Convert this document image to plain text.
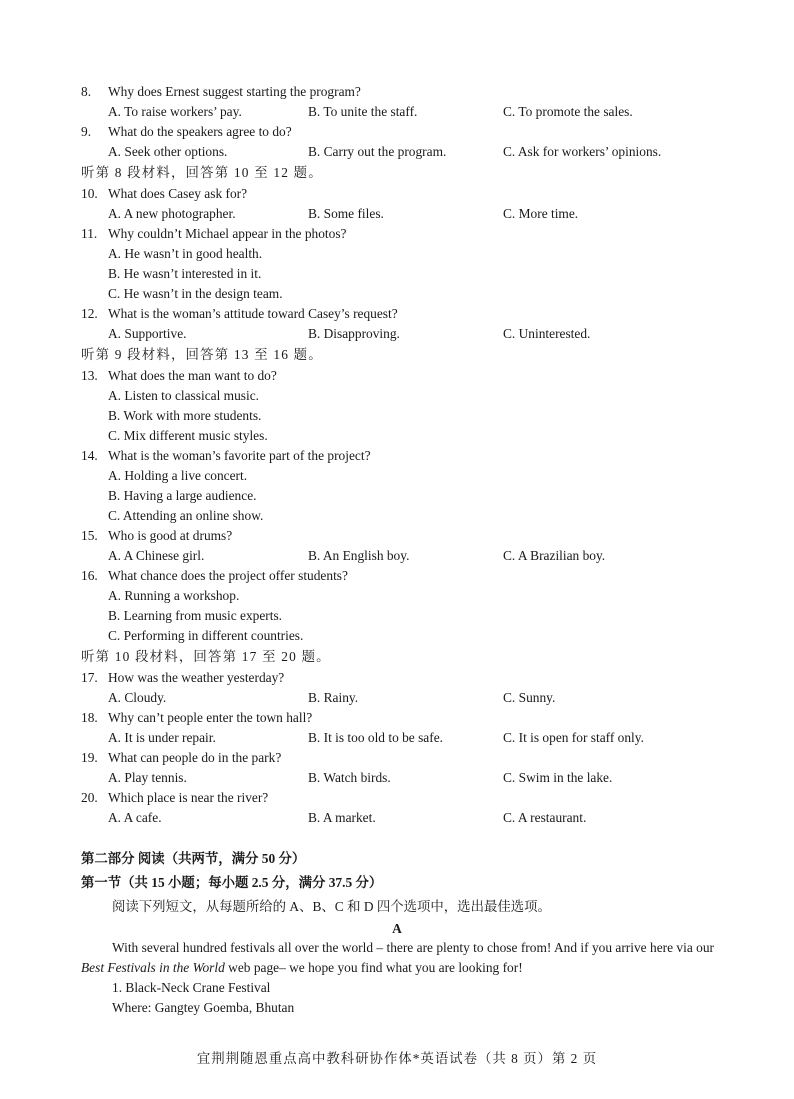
8. Why does Ernest suggest starting the program?
A. To raise workers’ pay.	B. To unite the staff.	C. To promote the sales.
9. What do the speakers agree to do?
A. Seek other options.	B. Carry out the program.	C. Ask for workers’ opinions.
听第 8 段材料，回答第 10 至 12 题。
10. What does Casey ask for?
A. A new photographer.	B. Some files.	C. More time.
11. Why couldn’t Michael appear in the photos?
A. He wasn’t in good health.
B. He wasn’t interested in it.
C. He wasn’t in the design team.
12. What is the woman’s attitude toward Casey’s request?
A. Supportive.	B. Disapproving.	C. Uninterested.
听第 9 段材料，回答第 13 至 16 题。
13. What does the man want to do?
A. Listen to classical music.
B. Work with more students.
C. Mix different music styles.
14. What is the woman’s favorite part of the project?
A. Holding a live concert.
B. Having a large audience.
C. Attending an online show.
15. Who is good at drums?
A. A Chinese girl.	B. An English boy.	C. A Brazilian boy.
16. What chance does the project offer students?
A. Running a workshop.
B. Learning from music experts.
C. Performing in different countries.
听第 10 段材料，回答第 17 至 20 题。
17. How was the weather yesterday?
A. Cloudy.	B. Rainy.	C. Sunny.
18. Why can’t people enter the town hall?
A. It is under repair.	B. It is too old to be safe.	C. It is open for staff only.
19. What can people do in the park?
A. Play tennis.	B. Watch birds.	C. Swim in the lake.
20. Which place is near the river?
A. A cafe.	B. A market.	C. A restaurant.
第二部分 阅读（共两节，满分 50 分）
第一节（共 15 小题；每小题 2.5 分，满分 37.5 分）
阅读下列短文，从每题所给的 A、B、C 和 D 四个选项中，选出最佳选项。
A
With several hundred festivals all over the world – there are plenty to chose from! And if you arrive here via our Best Festivals in the World web page– we hope you find what you are looking for!
1. Black-Neck Crane Festival
Where: Gangtey Goemba, Bhutan
宜荆荆随恩重点高中教科研协作体*英语试卷（共 8 页）第 2 页
